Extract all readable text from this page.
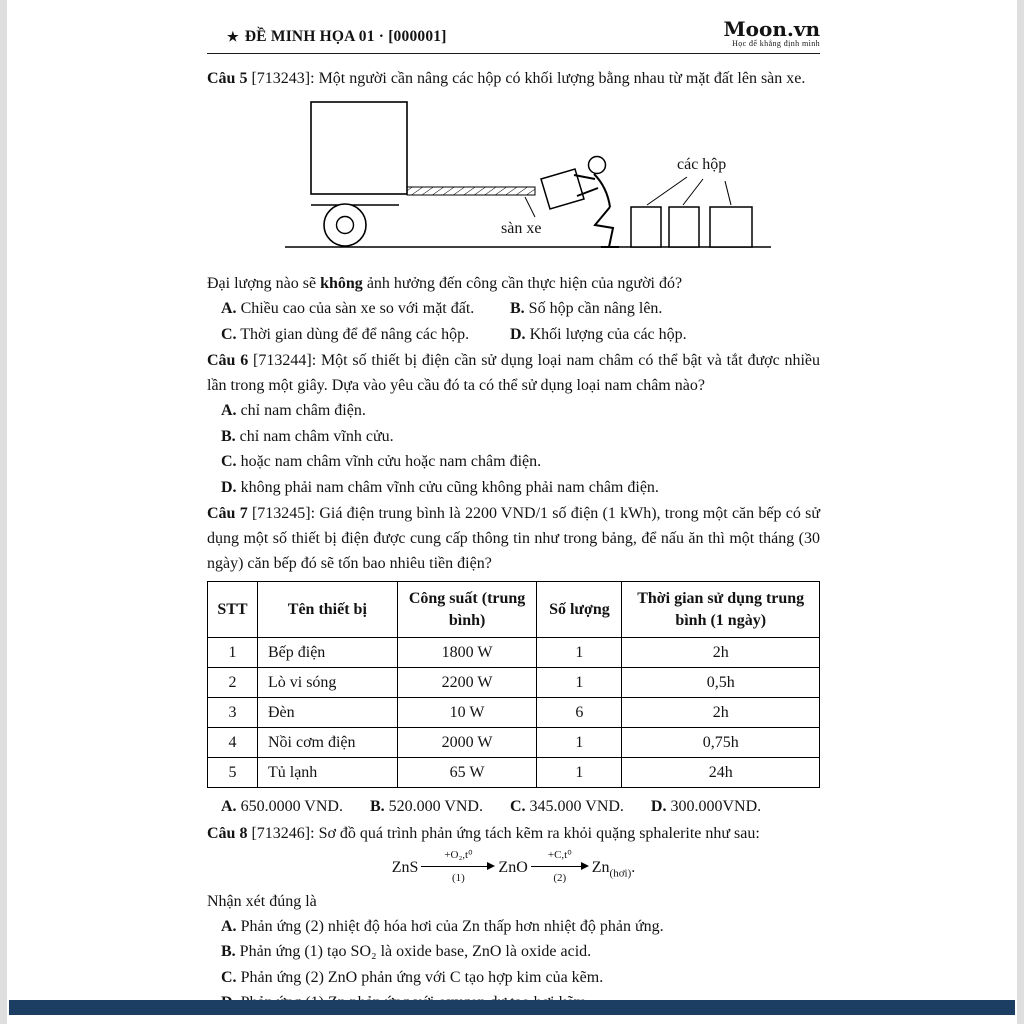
★ ĐỀ MINH HỌA 01 · [000001]	Moon.vn
Học để khẳng định mình

Câu 5 [713243]: Một người cần nâng các hộp có khối lượng bằng nhau từ mặt đất lên sàn xe.

các hộp
sàn xe

Đại lượng nào sẽ không ảnh hưởng đến công cần thực hiện của người đó?

A. Chiều cao của sàn xe so với mặt đất.	B. Số hộp cần nâng lên.
C. Thời gian dùng để để nâng các hộp.	D. Khối lượng của các hộp.

Câu 6 [713244]: Một số thiết bị điện cần sử dụng loại nam châm có thể bật và tắt được nhiều lần trong một giây. Dựa vào yêu cầu đó ta có thể sử dụng loại nam châm nào?

A. chỉ nam châm điện.
B. chỉ nam châm vĩnh cửu.
C. hoặc nam châm vĩnh cửu hoặc nam châm điện.
D. không phải nam châm vĩnh cửu cũng không phải nam châm điện.

Câu 7 [713245]: Giá điện trung bình là 2200 VND/1 số điện (1 kWh), trong một căn bếp có sử dụng một số thiết bị điện được cung cấp thông tin như trong bảng, để nấu ăn thì một tháng (30 ngày) căn bếp đó sẽ tốn bao nhiêu tiền điện?

STT	Tên thiết bị	Công suất (trung bình)	Số lượng	Thời gian sử dụng trung bình (1 ngày)
1	Bếp điện	1800 W	1	2h
2	Lò vi sóng	2200 W	1	0,5h
3	Đèn	10 W	6	2h
4	Nồi cơm điện	2000 W	1	0,75h
5	Tủ lạnh	65 W	1	24h
A. 650.0000 VND. B. 520.000 VND. C. 345.000 VND. D. 300.000VND.

Câu 8 [713246]: Sơ đồ quá trình phản ứng tách kẽm ra khỏi quặng sphalerite như sau:

ZnS
+O₂,t⁰
(1)
ZnO
+C,t⁰
(2)
$Zn_{(hơi)}$.

Nhận xét đúng là

A. Phản ứng (2) nhiệt độ hóa hơi của Zn thấp hơn nhiệt độ phản ứng.
B. Phản ứng (1) tạo SO₂ là oxide base, ZnO là oxide acid.
C. Phản ứng (2) ZnO phản ứng với C tạo hợp kim của kẽm.
